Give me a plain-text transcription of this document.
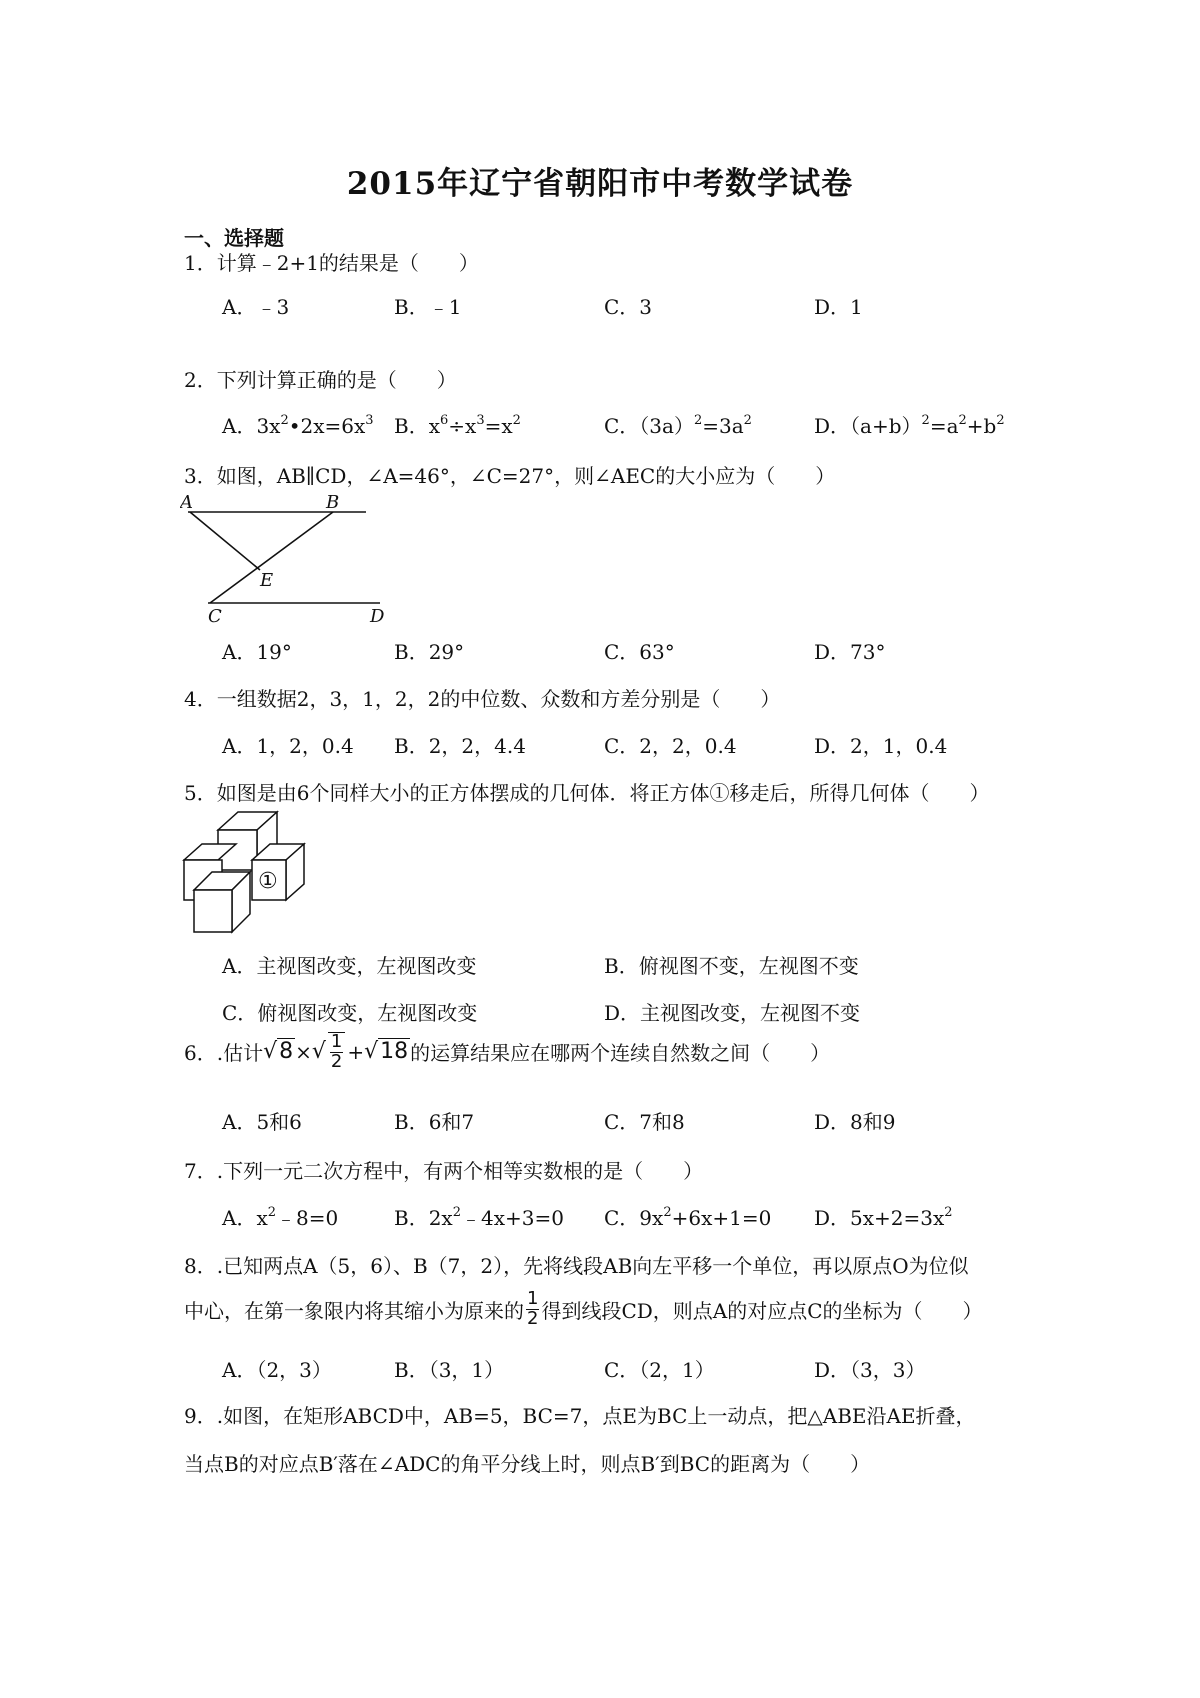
2015年辽宁省朝阳市中考数学试卷
一、选择题
1．计算﹣2+1的结果是（　　）
A．﹣3	B．﹣1	C．3	D．1
2．下列计算正确的是（　　）
A．$3x^2•2x=6x^3$ B．$x^6\div x^3=x^2$	C．$(3a)^2=3a^2$	D．$(a+b)^2=a^2+b^2$
3．如图，AB∥CD，∠A=46°，∠C=27°，则∠AEC的大小应为（　　）
A	B
E
C	D
A．19°	B．29°	C．63°	D．73°
4．一组数据2，3，1，2，2的中位数、众数和方差分别是（　　）
A．1，2，0.4 B．2，2，4.4	C．2，2，0.4	D．2，1，0.4
5．如图是由6个同样大小的正方体摆成的几何体．将正方体①移走后，所得几何体（　　）
①
A．主视图改变，左视图改变	B．俯视图不变，左视图不变
C．俯视图改变，左视图改变	D．主视图改变，左视图不变
6．.估计 √8 × √ $\frac{1}{2} + √18$ 的运算结果应在哪两个连续自然数之间（　　）
A．5和6	B．6和7	C．7和8	D．8和9
7．.下列一元二次方程中，有两个相等实数根的是（　　）
A．$x^2﹣8=0$	B．$2x^2﹣4x+3=0$ C．$9x^2+6x+1=0$ D．$5x+2=3x^2$
8．.已知两点A（5，6）、B（7，2），先将线段AB向左平移一个单位，再以原点O为位似
中心，在第一象限内将其缩小为原来的 $\frac{1}{2}$ 得到线段CD，则点A的对应点C的坐标为（　　）
A．（2，3）	B．（3，1）	C．（2，1）	D．（3，3）
9．.如图，在矩形ABCD中，AB=5，BC=7，点E为BC上一动点，把△ABE沿AE折叠，
当点B的对应点B′落在∠ADC的角平分线上时，则点B′到BC的距离为（　　）
